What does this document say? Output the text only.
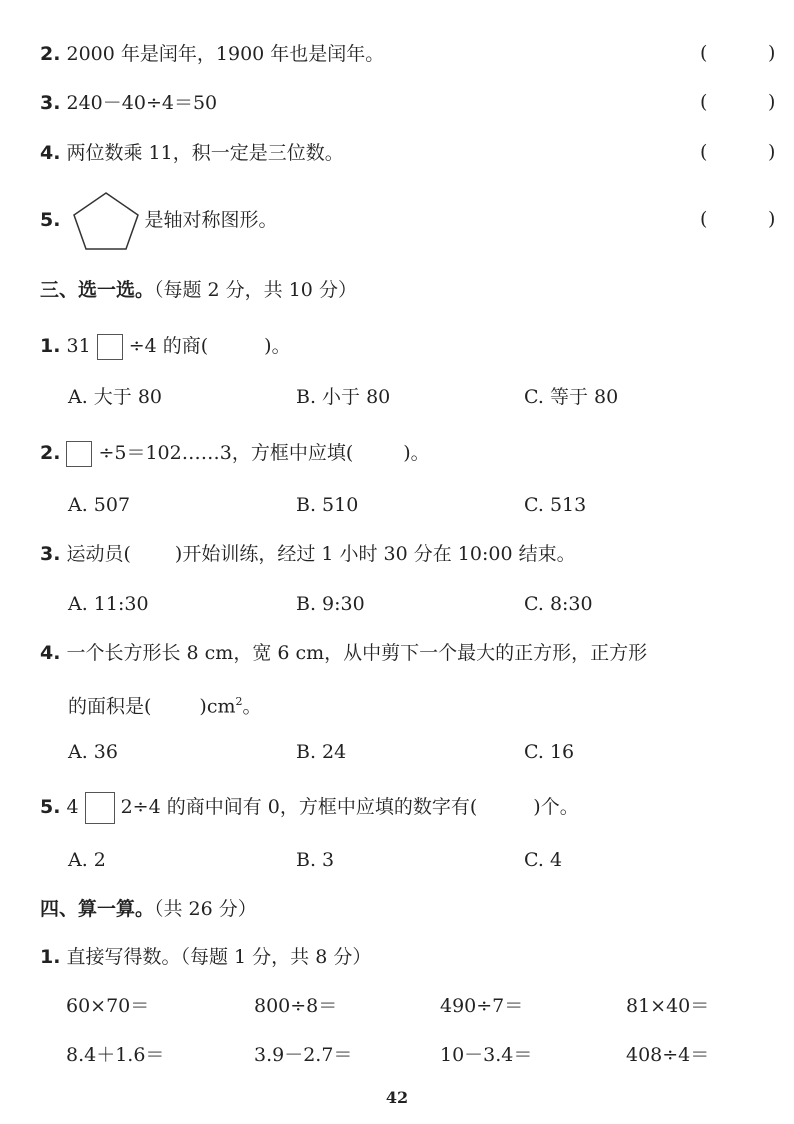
2. 2000 年是闰年，1900 年也是闰年。	(	)
3. 240－40÷4＝50	(	)
4. 两位数乘 11，积一定是三位数。	(	)
5.	是轴对称图形。	(	)
三、选一选。（每题 2 分，共 10 分）
1. 31 ÷4 的商(	)。
A. 大于 80	B. 小于 80	C. 等于 80
2. ÷5＝102……3，方框中应填(	)。
A. 507	B. 510	C. 513
3. 运动员( )开始训练，经过 1 小时 30 分在 10:00 结束。
A. 11:30	B. 9:30	C. 8:30
4. 一个长方形长 8 cm，宽 6 cm，从中剪下一个最大的正方形，正方形
的面积是(	)$cm^2$。
A. 36	B. 24	C. 16
5. 4 2÷4 的商中间有 0，方框中应填的数字有(	)个。
A. 2	B. 3	C. 4
四、算一算。（共 26 分）
1. 直接写得数。（每题 1 分，共 8 分）
60×70＝	800÷8＝	490÷7＝	81×40＝
8.4＋1.6＝	3.9－2.7＝	10－3.4＝	408÷4＝
42
